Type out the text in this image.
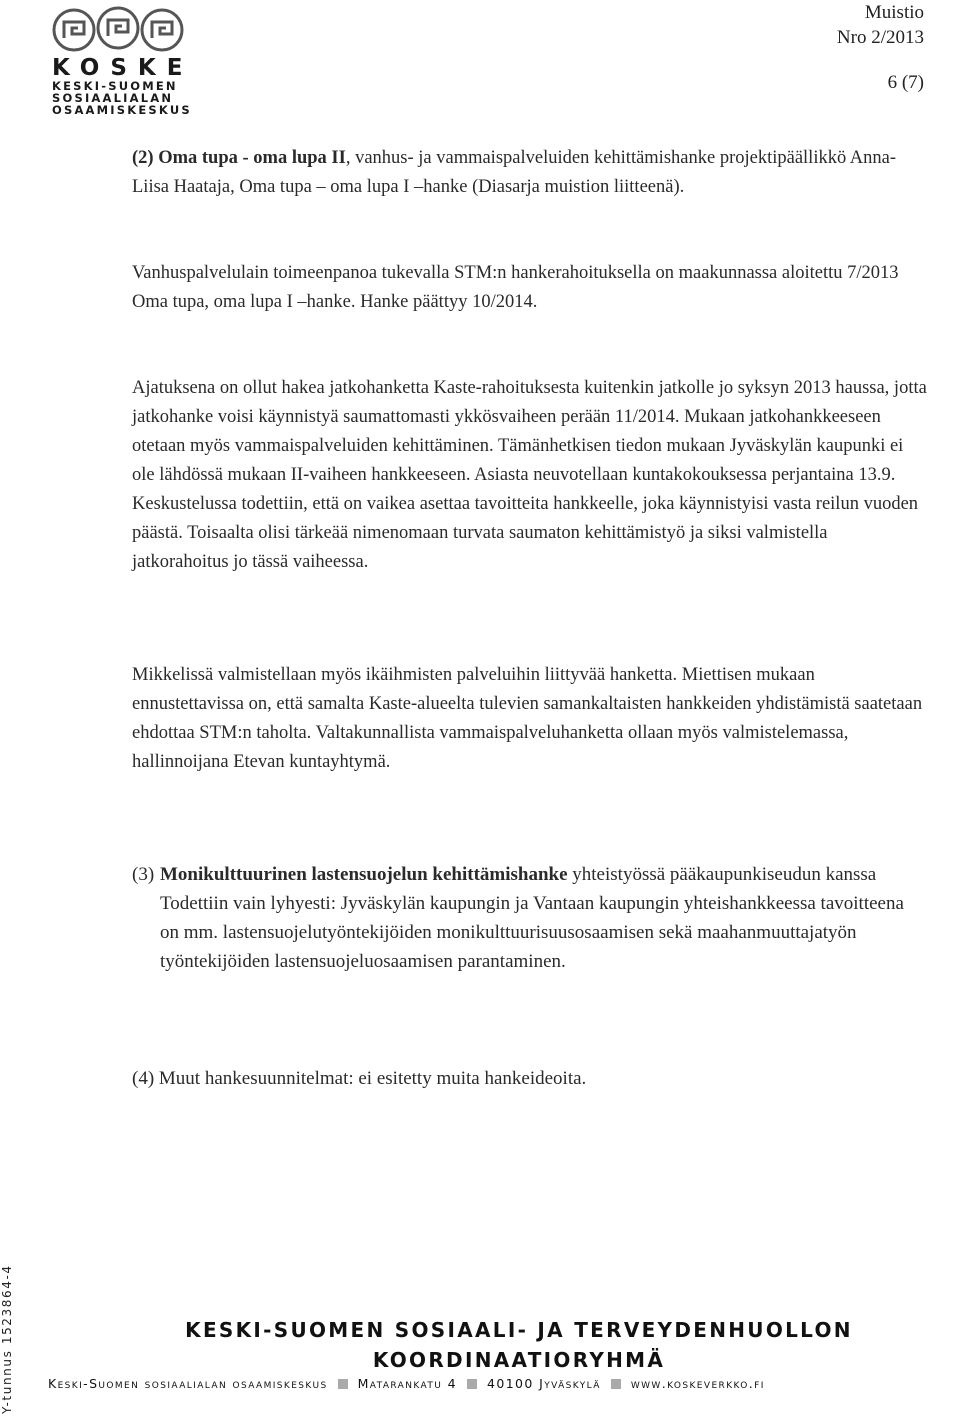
KOSKE
KESKI-SUOMEN
SOSIAALIALAN
OSAAMISKESKUS
Muistio
Nro 2/2013
6 (7)

(2) Oma tupa - oma lupa II, vanhus- ja vammaispalveluiden kehittämishanke projektipäällikkö Anna-Liisa Haataja, Oma tupa – oma lupa I –hanke (Diasarja muistion liitteenä).

Vanhuspalvelulain toimeenpanoa tukevalla STM:n hankerahoituksella on maakunnassa aloitettu 7/2013 Oma tupa, oma lupa I –hanke. Hanke päättyy 10/2014.

Ajatuksena on ollut hakea jatkohanketta Kaste-rahoituksesta kuitenkin jatkolle jo syksyn 2013 haussa, jotta jatkohanke voisi käynnistyä saumattomasti ykkösvaiheen perään 11/2014. Mukaan jatkohankkeeseen otetaan myös vammaispalveluiden kehittäminen. Tämänhetkisen tiedon mukaan Jyväskylän kaupunki ei ole lähdössä mukaan II-vaiheen hankkeeseen. Asiasta neuvotellaan kuntakokouksessa perjantaina 13.9. Keskustelussa todettiin, että on vaikea asettaa tavoitteita hankkeelle, joka käynnistyisi vasta reilun vuoden päästä. Toisaalta olisi tärkeää nimenomaan turvata saumaton kehittämistyö ja siksi valmistella jatkorahoitus jo tässä vaiheessa.

Mikkelissä valmistellaan myös ikäihmisten palveluihin liittyvää hanketta. Miettisen mukaan ennustettavissa on, että samalta Kaste-alueelta tulevien samankaltaisten hankkeiden yhdistämistä saatetaan ehdottaa STM:n taholta. Valtakunnallista vammaispalveluhanketta ollaan myös valmistelemassa, hallinnoijana Etevan kuntayhtymä.

(3) Monikulttuurinen lastensuojelun kehittämishanke yhteistyössä pääkaupunkiseudun kanssa
Todettiin vain lyhyesti: Jyväskylän kaupungin ja Vantaan kaupungin yhteishankkeessa tavoitteena on mm. lastensuojelutyöntekijöiden monikulttuurisuusosaamisen sekä maahanmuuttajatyön työntekijöiden lastensuojeluosaamisen parantaminen.
(4) Muut hankesuunnitelmat: ei esitetty muita hankeideoita.
Y-tunnus 1523864-4	KESKI-SUOMEN SOSIAALI- JA TERVEYDENHUOLLON KOORDINAATIORYHMÄ
Keski-Suomen sosiaalialan osaamiskeskus Matarankatu 4 40100 Jyväskylä www.koskeverkko.fi
